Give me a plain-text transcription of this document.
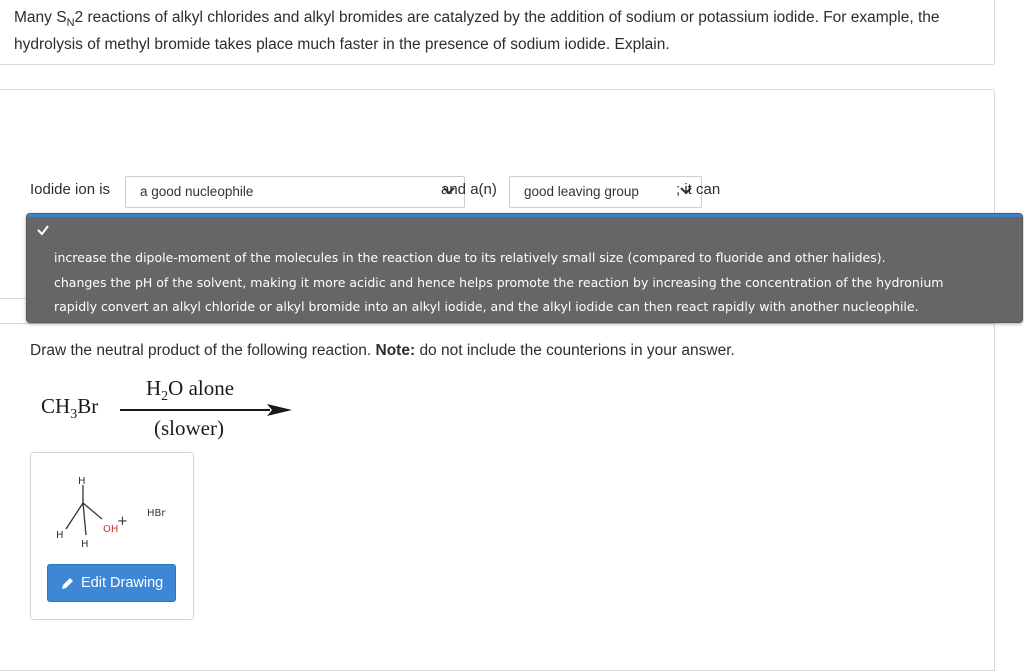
Many $S_N2$ reactions of alkyl chlorides and alkyl bromides are catalyzed by the addition of sodium or potassium iodide. For example, the hydrolysis of methyl bromide takes place much faster in the presence of sodium iodide. Explain.
Iodide ion is a good nucleophile	and a(n) good leaving group ; it can
increase the dipole-moment of the molecules in the reaction due to its relatively small size (compared to fluoride and other halides).
changes the pH of the solvent, making it more acidic and hence helps promote the reaction by increasing the concentration of the hydronium
rapidly convert an alkyl chloride or alkyl bromide into an alkyl iodide, and the alkyl iodide can then react rapidly with another nucleophile.
Draw the neutral product of the following reaction. Note: do not include the counterions in your answer.
$CH_3Br$
$H_2O$ alone
(slower)
H
H
H
OH
+
HBr
Edit Drawing
